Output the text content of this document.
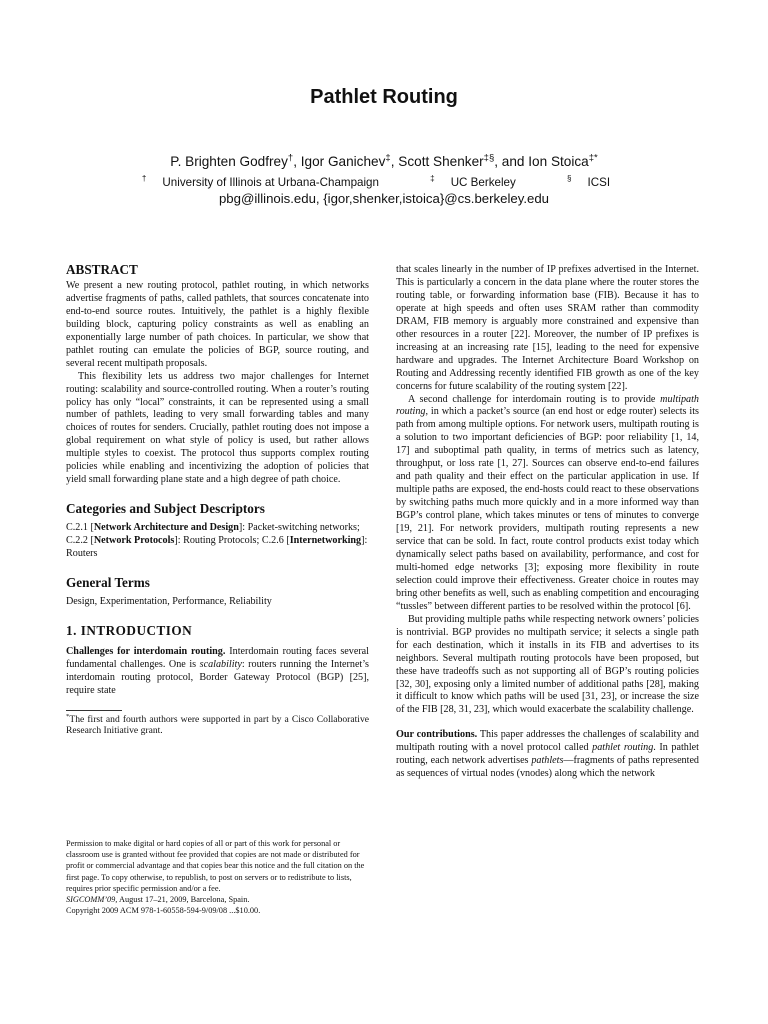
Pathlet Routing
P. Brighten Godfrey†, Igor Ganichev‡, Scott Shenker‡§, and Ion Stoica‡*
† University of Illinois at Urbana-Champaign	‡ UC Berkeley	§ ICSI
pbg@illinois.edu, {igor,shenker,istoica}@cs.berkeley.edu
ABSTRACT

We present a new routing protocol, pathlet routing, in which networks advertise fragments of paths, called pathlets, that sources concatenate into end-to-end source routes. Intuitively, the pathlet is a highly flexible building block, capturing policy constraints as well as enabling an exponentially large number of path choices. In particular, we show that pathlet routing can emulate the policies of BGP, source routing, and several recent multipath proposals.

This flexibility lets us address two major challenges for Internet routing: scalability and source-controlled routing. When a router’s routing policy has only “local” constraints, it can be represented using a small number of pathlets, leading to very small forwarding tables and many choices of routes for senders. Crucially, pathlet routing does not impose a global requirement on what style of policy is used, but rather allows multiple styles to coexist. The protocol thus supports complex routing policies while enabling and incentivizing the adoption of policies that yield small forwarding plane state and a high degree of path choice.

Categories and Subject Descriptors

C.2.1 [Network Architecture and Design]: Packet-switching networks; C.2.2 [Network Protocols]: Routing Protocols; C.2.6 [Internetworking]: Routers

General Terms

Design, Experimentation, Performance, Reliability

1. INTRODUCTION

Challenges for interdomain routing. Interdomain routing faces several fundamental challenges. One is scalability: routers running the Internet’s interdomain routing protocol, Border Gateway Protocol (BGP) [25], require state

*The first and fourth authors were supported in part by a Cisco Collaborative Research Initiative grant.

Permission to make digital or hard copies of all or part of this work for personal or classroom use is granted without fee provided that copies are not made or distributed for profit or commercial advantage and that copies bear this notice and the full citation on the first page. To copy otherwise, to republish, to post on servers or to redistribute to lists, requires prior specific permission and/or a fee.

SIGCOMM’09, August 17–21, 2009, Barcelona, Spain.

Copyright 2009 ACM 978-1-60558-594-9/09/08 ...$10.00.

that scales linearly in the number of IP prefixes advertised in the Internet. This is particularly a concern in the data plane where the router stores the routing table, or forwarding information base (FIB). Because it has to operate at high speeds and often uses SRAM rather than commodity DRAM, FIB memory is arguably more constrained and expensive than other resources in a router [22]. Moreover, the number of IP prefixes is increasing at an increasing rate [15], leading to the need for expensive hardware and upgrades. The Internet Architecture Board Workshop on Routing and Addressing recently identified FIB growth as one of the key concerns for future scalability of the routing system [22].

A second challenge for interdomain routing is to provide multipath routing, in which a packet’s source (an end host or edge router) selects its path from among multiple options. For network users, multipath routing is a solution to two important deficiencies of BGP: poor reliability [1, 14, 17] and suboptimal path quality, in terms of metrics such as latency, throughput, or loss rate [1, 27]. Sources can observe end-to-end failures and path quality and their effect on the particular application in use. If multiple paths are exposed, the end-hosts could react to these observations by switching paths much more quickly and in a more informed way than BGP’s control plane, which takes minutes or tens of minutes to converge [19, 21]. For network providers, multipath routing represents a new service that can be sold. In fact, route control products exist today which dynamically select paths based on availability, performance, and cost for multi-homed edge networks [3]; exposing more flexibility in route selection could improve their effectiveness. Greater choice in routes may bring other benefits as well, such as enabling competition and encouraging “tussles” between different parties to be resolved within the protocol [6].

But providing multiple paths while respecting network owners’ policies is nontrivial. BGP provides no multipath service; it selects a single path for each destination, which it installs in its FIB and advertises to its neighbors. Several multipath routing protocols have been proposed, but these have tradeoffs such as not supporting all of BGP’s routing policies [32, 30], exposing only a limited number of additional paths [28], making it difficult to know which paths will be used [31, 23], or increase the size of the FIB [28, 31, 23], which would exacerbate the scalability challenge.

Our contributions. This paper addresses the challenges of scalability and multipath routing with a novel protocol called pathlet routing. In pathlet routing, each network advertises pathlets—fragments of paths represented as sequences of virtual nodes (vnodes) along which the network
